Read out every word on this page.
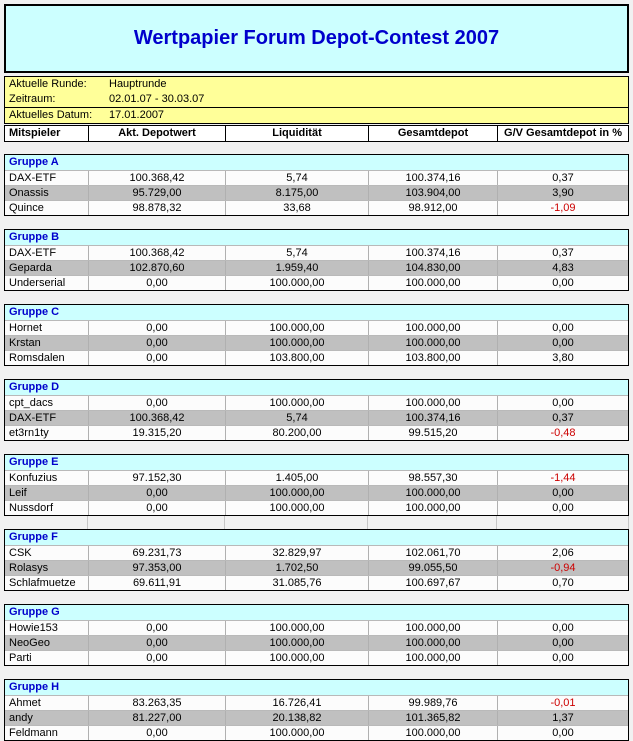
Wertpapier Forum Depot-Contest 2007
Aktuelle Runde:	Hauptrunde
Zeitraum:	02.01.07 - 30.03.07
Aktuelles Datum:	17.01.2007
Mitspieler	Akt. Depotwert	Liquidität	Gesamtdepot	G/V Gesamtdepot in %
Gruppe A
DAX-ETF	100.368,42	5,74	100.374,16	0,37
Onassis	95.729,00	8.175,00	103.904,00	3,90
Quince	98.878,32	33,68	98.912,00	-1,09
Gruppe B
DAX-ETF	100.368,42	5,74	100.374,16	0,37
Geparda	102.870,60	1.959,40	104.830,00	4,83
Underserial	0,00	100.000,00	100.000,00	0,00
Gruppe C
Hornet	0,00	100.000,00	100.000,00	0,00
Krstan	0,00	100.000,00	100.000,00	0,00
Romsdalen	0,00	103.800,00	103.800,00	3,80
Gruppe D
cpt_dacs	0,00	100.000,00	100.000,00	0,00
DAX-ETF	100.368,42	5,74	100.374,16	0,37
et3rn1ty	19.315,20	80.200,00	99.515,20	-0,48
Gruppe E
Konfuzius	97.152,30	1.405,00	98.557,30	-1,44
Leif	0,00	100.000,00	100.000,00	0,00
Nussdorf	0,00	100.000,00	100.000,00	0,00
Gruppe F
CSK	69.231,73	32.829,97	102.061,70	2,06
Rolasys	97.353,00	1.702,50	99.055,50	-0,94
Schlafmuetze	69.611,91	31.085,76	100.697,67	0,70
Gruppe G
Howie153	0,00	100.000,00	100.000,00	0,00
NeoGeo	0,00	100.000,00	100.000,00	0,00
Parti	0,00	100.000,00	100.000,00	0,00
Gruppe H
Ahmet	83.263,35	16.726,41	99.989,76	-0,01
andy	81.227,00	20.138,82	101.365,82	1,37
Feldmann	0,00	100.000,00	100.000,00	0,00
